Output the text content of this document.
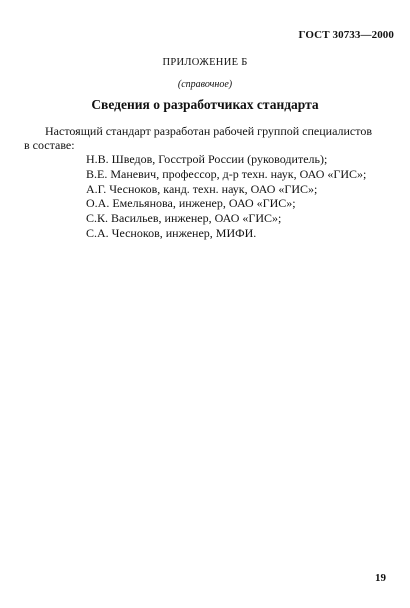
ГОСТ 30733—2000
ПРИЛОЖЕНИЕ Б
(справочное)
Сведения о разработчиках стандарта
Настоящий стандарт разработан рабочей группой специалистов
в составе:
Н.В. Шведов, Госстрой России (руководитель);
В.Е. Маневич, профессор, д-р техн. наук, ОАО «ГИС»;
А.Г. Чесноков, канд. техн. наук, ОАО «ГИС»;
О.А. Емельянова, инженер, ОАО «ГИС»;
С.К. Васильев, инженер, ОАО «ГИС»;
С.А. Чесноков, инженер, МИФИ.
19
